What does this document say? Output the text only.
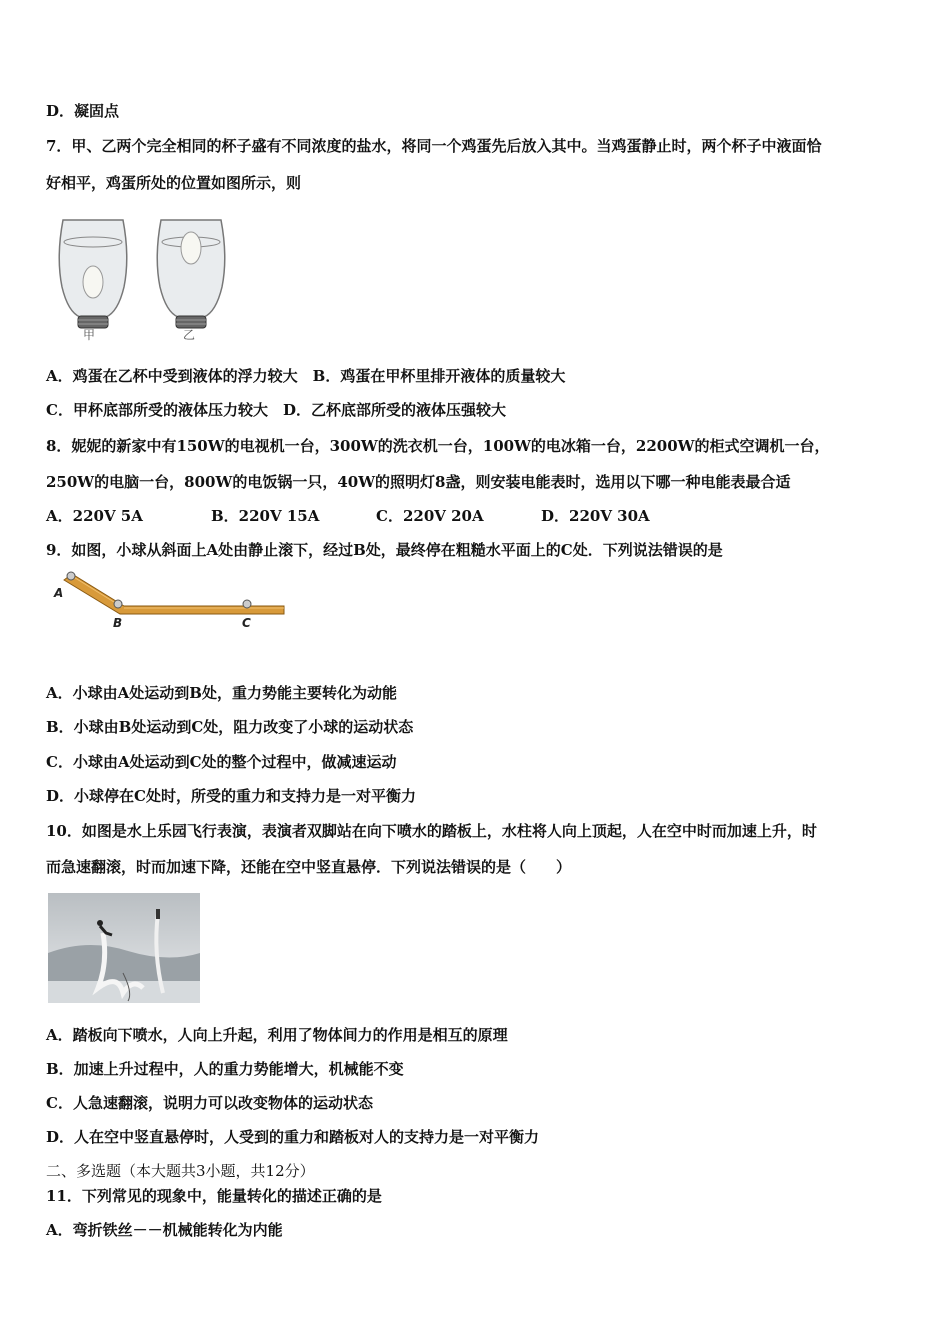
D．凝固点
7．甲、乙两个完全相同的杯子盛有不同浓度的盐水，将同一个鸡蛋先后放入其中。当鸡蛋静止时，两个杯子中液面恰
好相平，鸡蛋所处的位置如图所示，则
甲	乙
A．鸡蛋在乙杯中受到液体的浮力较大　B．鸡蛋在甲杯里排开液体的质量较大
C．甲杯底部所受的液体压力较大　D．乙杯底部所受的液体压强较大
8．妮妮的新家中有150W的电视机一台，300W的洗衣机一台，100W的电冰箱一台，2200W的柜式空调机一台，
250W的电脑一台，800W的电饭锅一只，40W的照明灯8盏，则安装电能表时，选用以下哪一种电能表最合适
A．220V 5A	B．220V 15A	C．220V 20A	D．220V 30A
9．如图，小球从斜面上A处由静止滚下，经过B处，最终停在粗糙水平面上的C处．下列说法错误的是
A
B	C
A．小球由A处运动到B处，重力势能主要转化为动能
B．小球由B处运动到C处，阻力改变了小球的运动状态
C．小球由A处运动到C处的整个过程中，做减速运动
D．小球停在C处时，所受的重力和支持力是一对平衡力
10．如图是水上乐园飞行表演，表演者双脚站在向下喷水的踏板上，水柱将人向上顶起，人在空中时而加速上升，时
而急速翻滚，时而加速下降，还能在空中竖直悬停．下列说法错误的是（　　）
A．踏板向下喷水，人向上升起，利用了物体间力的作用是相互的原理
B．加速上升过程中，人的重力势能增大，机械能不变
C．人急速翻滚，说明力可以改变物体的运动状态
D．人在空中竖直悬停时，人受到的重力和踏板对人的支持力是一对平衡力
二、多选题（本大题共3小题，共12分）
11．下列常见的现象中，能量转化的描述正确的是
A．弯折铁丝－－机械能转化为内能
